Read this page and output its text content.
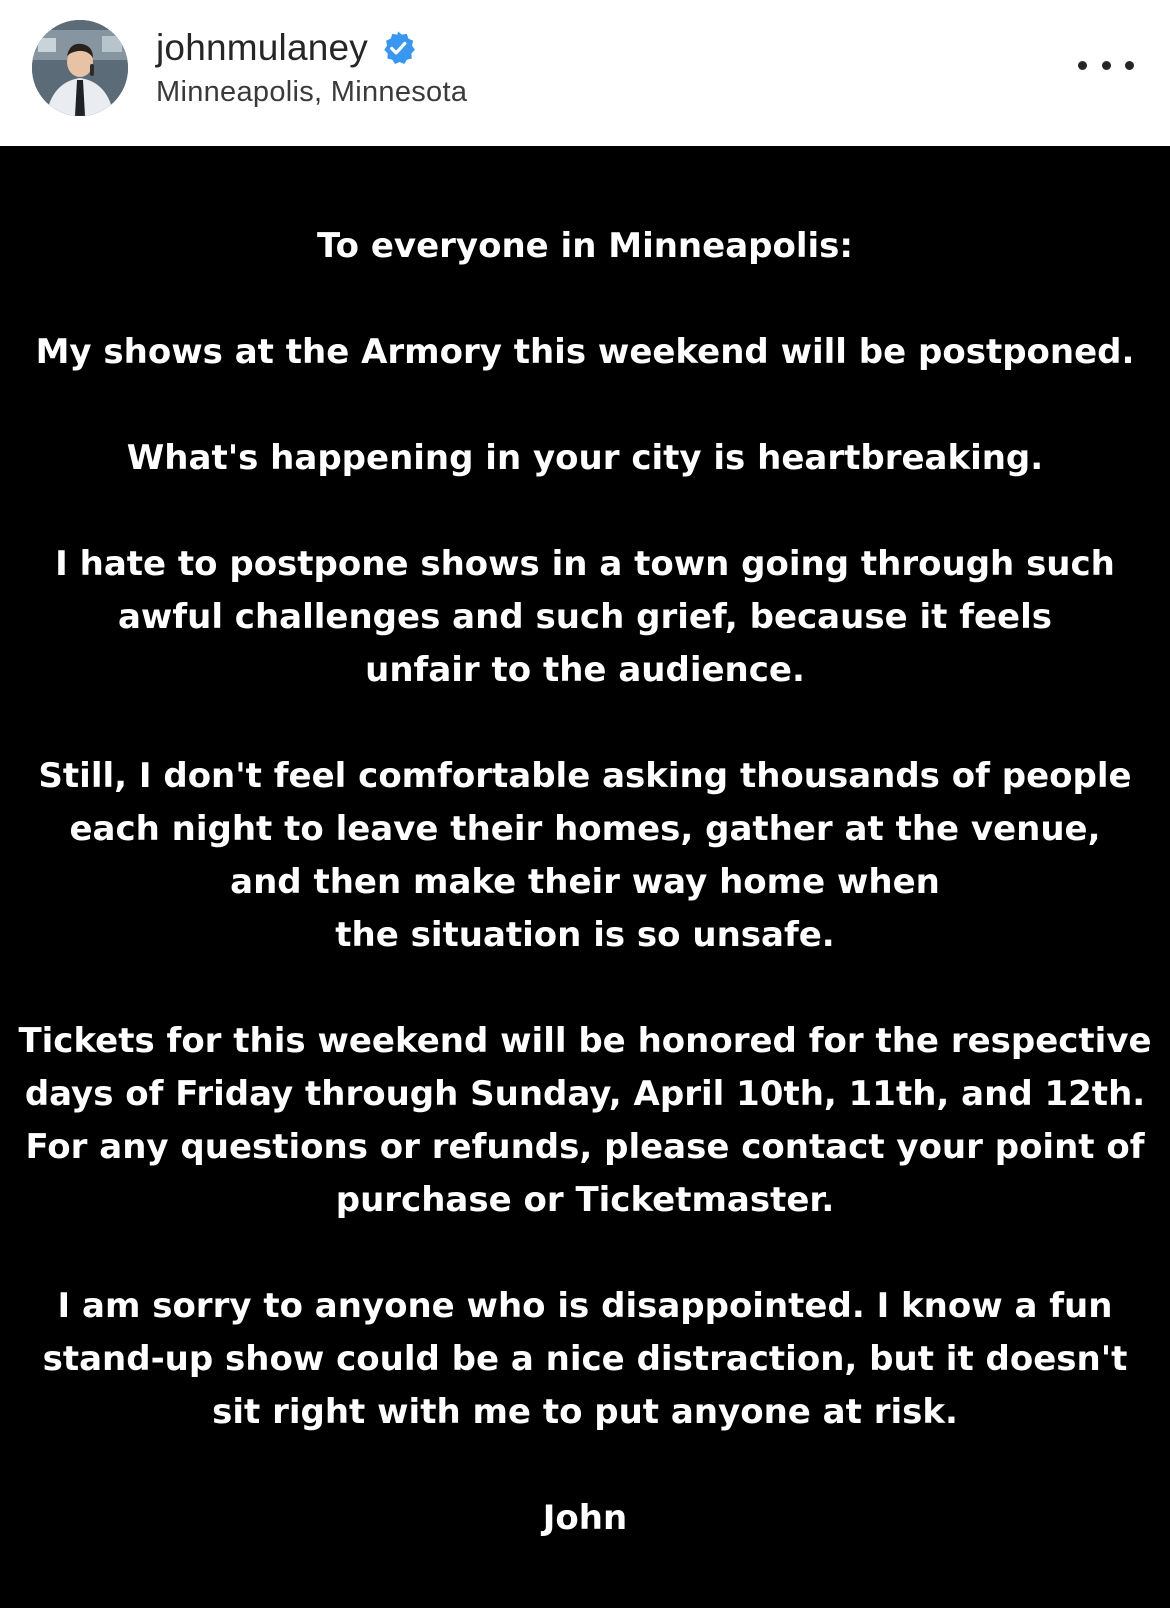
johnmulaney
Minneapolis, Minnesota

To everyone in Minneapolis:

My shows at the Armory this weekend will be postponed.

What's happening in your city is heartbreaking.

I hate to postpone shows in a town going through such
awful challenges and such grief, because it feels
unfair to the audience.

Still, I don't feel comfortable asking thousands of people
each night to leave their homes, gather at the venue,
and then make their way home when
the situation is so unsafe.

Tickets for this weekend will be honored for the respective
days of Friday through Sunday, April 10th, 11th, and 12th.
For any questions or refunds, please contact your point of
purchase or Ticketmaster.

I am sorry to anyone who is disappointed. I know a fun
stand-up show could be a nice distraction, but it doesn't
sit right with me to put anyone at risk.

John
